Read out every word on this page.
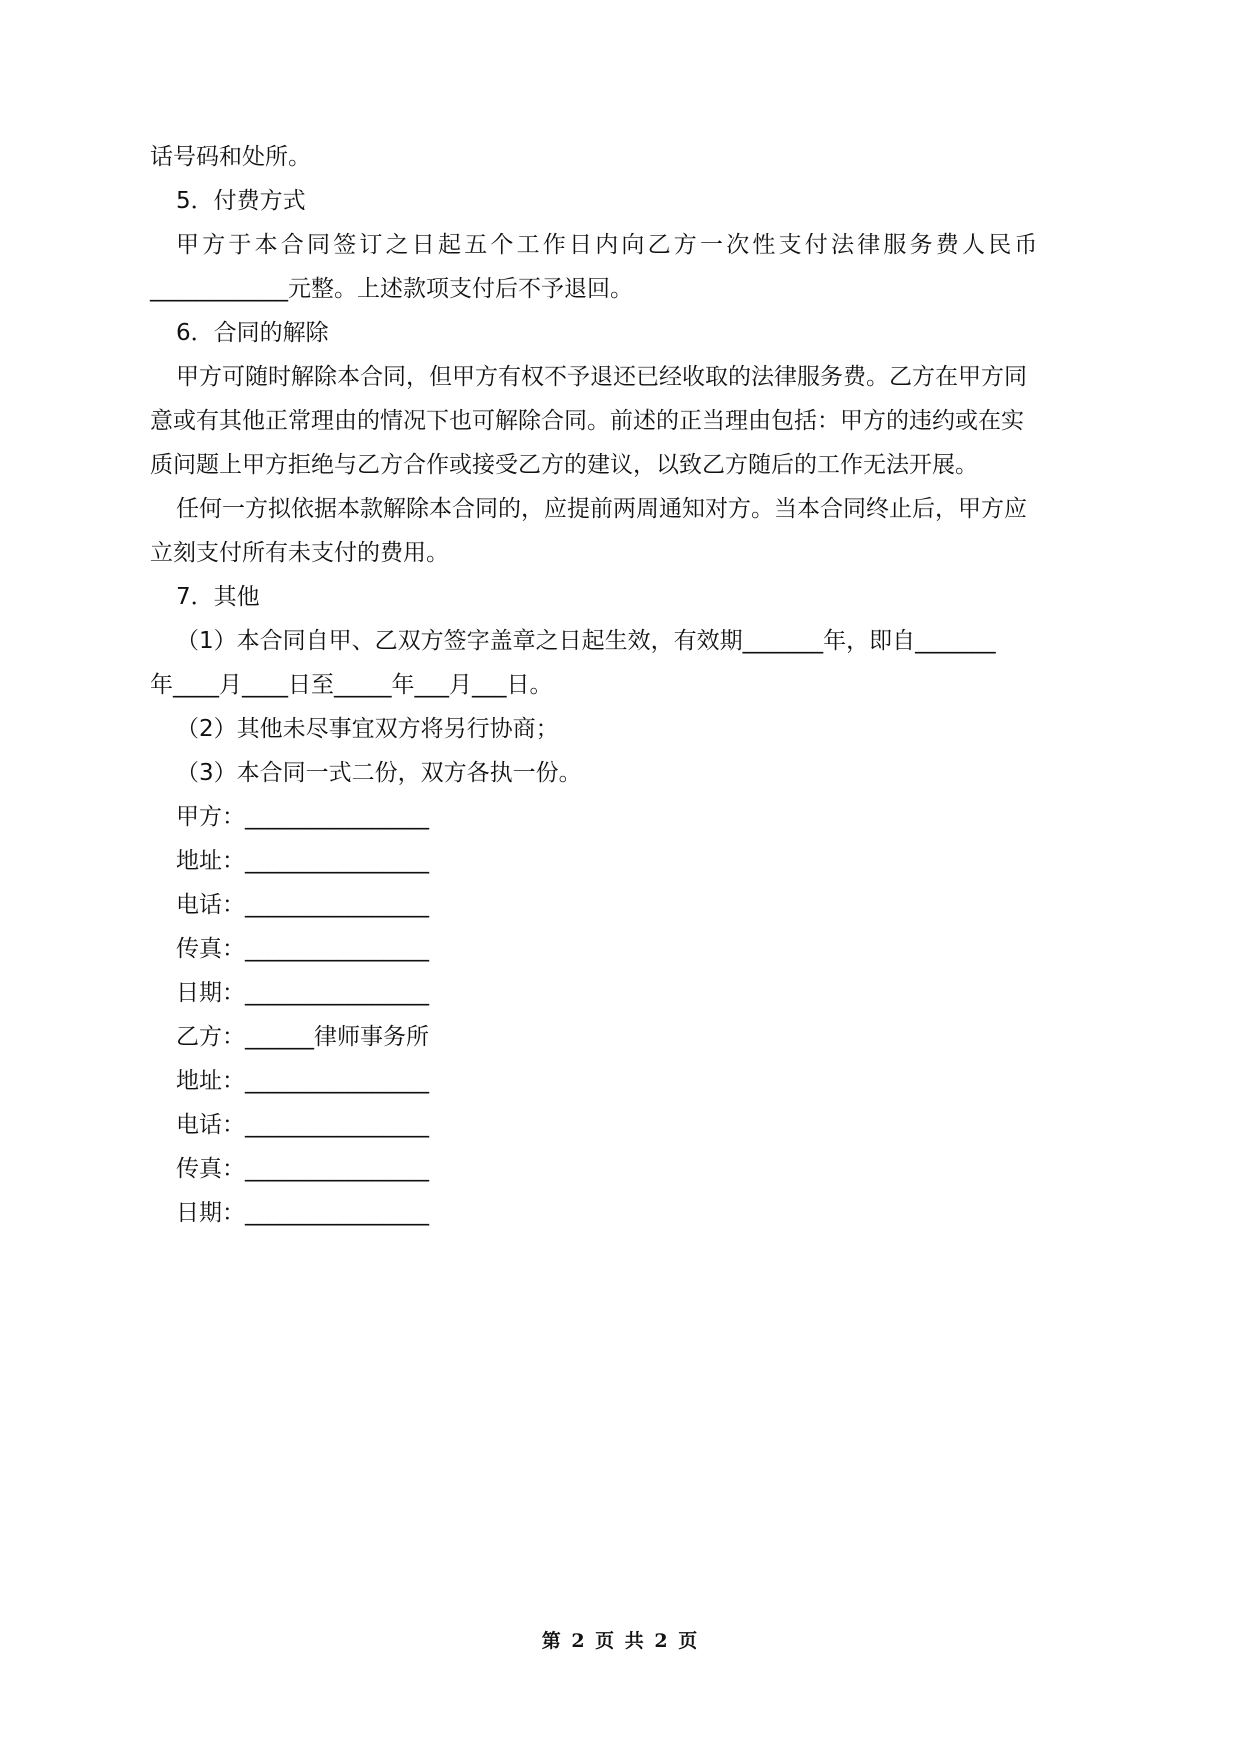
话号码和处所。
5．付费方式
甲方于本合同签订之日起五个工作日内向乙方一次性支付法律服务费人民币
____________元整。上述款项支付后不予退回。
6．合同的解除
甲方可随时解除本合同，但甲方有权不予退还已经收取的法律服务费。乙方在甲方同
意或有其他正常理由的情况下也可解除合同。前述的正当理由包括：甲方的违约或在实
质问题上甲方拒绝与乙方合作或接受乙方的建议，以致乙方随后的工作无法开展。
任何一方拟依据本款解除本合同的，应提前两周通知对方。当本合同终止后，甲方应
立刻支付所有未支付的费用。
7．其他
（1）本合同自甲、乙双方签字盖章之日起生效，有效期_______年，即自_______
年____月____日至_____年___月___日。
（2）其他未尽事宜双方将另行协商；
（3）本合同一式二份，双方各执一份。
甲方：________________
地址：________________
电话：________________
传真：________________
日期：________________
乙方：______律师事务所
地址：________________
电话：________________
传真：________________
日期：________________
第 2 页 共 2 页
